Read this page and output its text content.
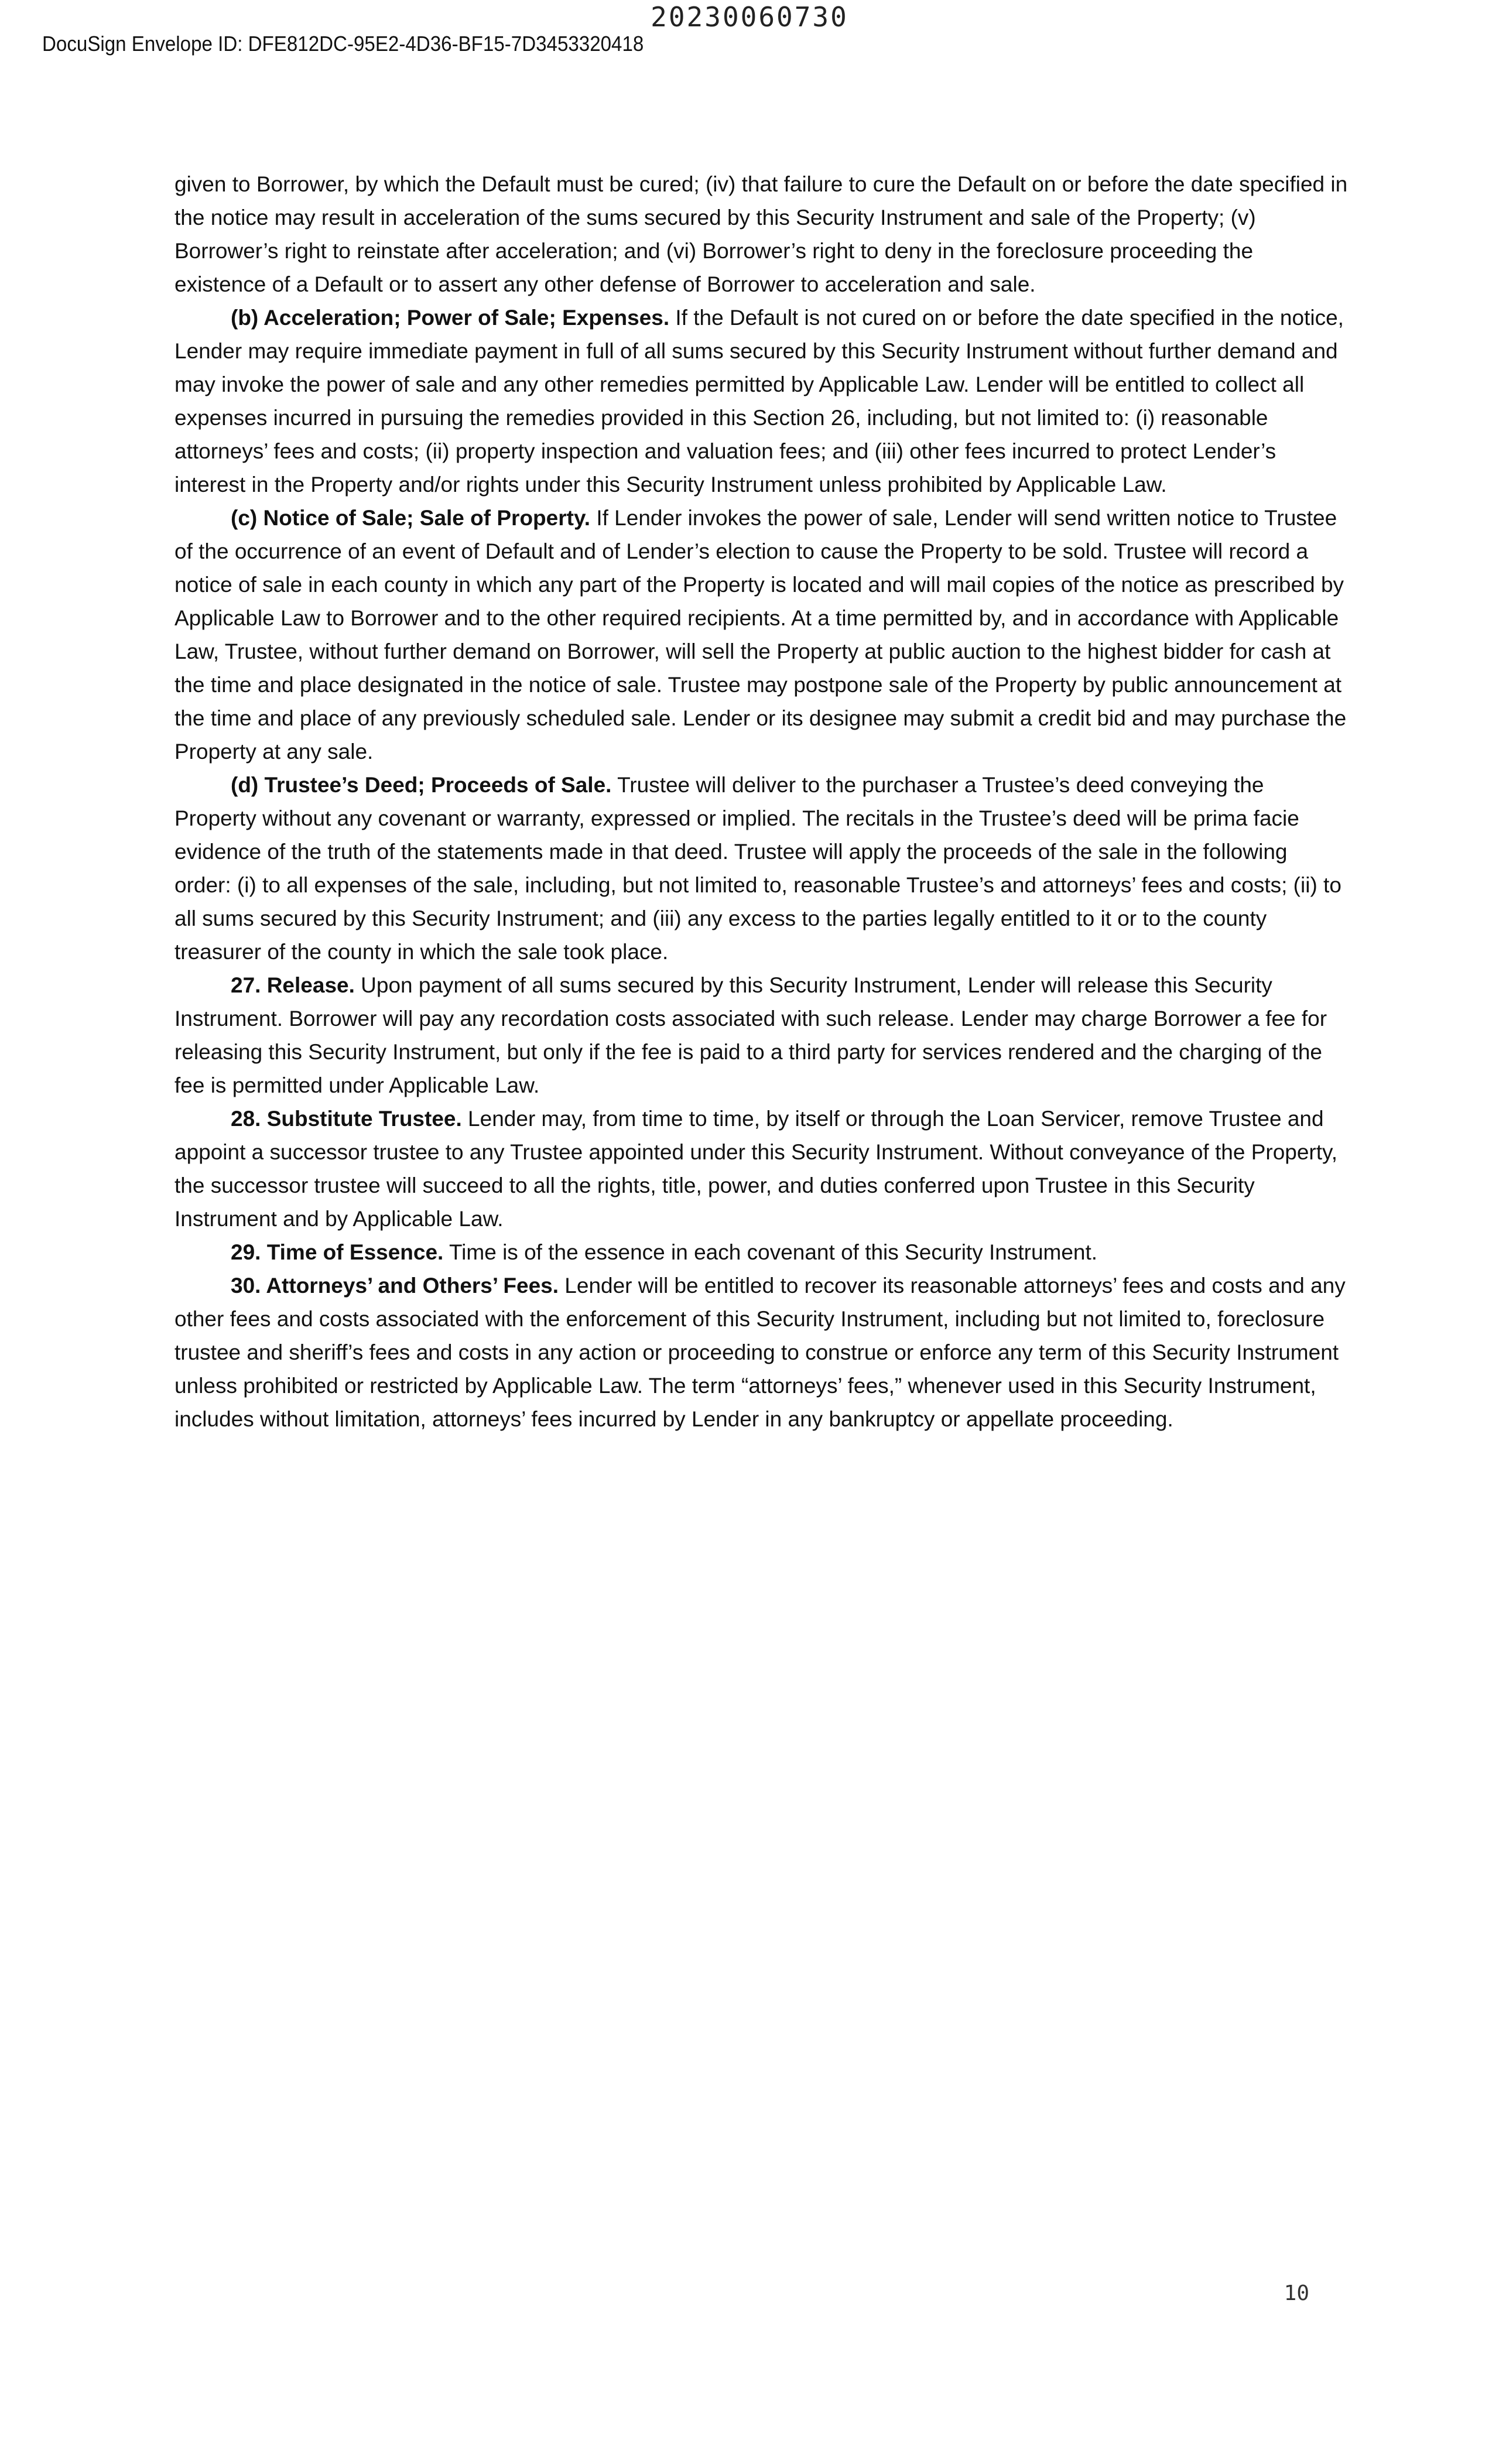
20230060730
DocuSign Envelope ID: DFE812DC-95E2-4D36-BF15-7D3453320418

given to Borrower, by which the Default must be cured; (iv) that failure to cure the Default on or before the date specified in the notice may result in acceleration of the sums secured by this Security Instrument and sale of the Property; (v) Borrower’s right to reinstate after acceleration; and (vi) Borrower’s right to deny in the foreclosure proceeding the existence of a Default or to assert any other defense of Borrower to acceleration and sale.

(b) Acceleration; Power of Sale; Expenses. If the Default is not cured on or before the date specified in the notice, Lender may require immediate payment in full of all sums secured by this Security Instrument without further demand and may invoke the power of sale and any other remedies permitted by Applicable Law. Lender will be entitled to collect all expenses incurred in pursuing the remedies provided in this Section 26, including, but not limited to: (i) reasonable attorneys’ fees and costs; (ii) property inspection and valuation fees; and (iii) other fees incurred to protect Lender’s interest in the Property and/or rights under this Security Instrument unless prohibited by Applicable Law.

(c) Notice of Sale; Sale of Property. If Lender invokes the power of sale, Lender will send written notice to Trustee of the occurrence of an event of Default and of Lender’s election to cause the Property to be sold. Trustee will record a notice of sale in each county in which any part of the Property is located and will mail copies of the notice as prescribed by Applicable Law to Borrower and to the other required recipients. At a time permitted by, and in accordance with Applicable Law, Trustee, without further demand on Borrower, will sell the Property at public auction to the highest bidder for cash at the time and place designated in the notice of sale. Trustee may postpone sale of the Property by public announcement at the time and place of any previously scheduled sale. Lender or its designee may submit a credit bid and may purchase the Property at any sale.

(d) Trustee’s Deed; Proceeds of Sale. Trustee will deliver to the purchaser a Trustee’s deed conveying the Property without any covenant or warranty, expressed or implied. The recitals in the Trustee’s deed will be prima facie evidence of the truth of the statements made in that deed. Trustee will apply the proceeds of the sale in the following order: (i) to all expenses of the sale, including, but not limited to, reasonable Trustee’s and attorneys’ fees and costs; (ii) to all sums secured by this Security Instrument; and (iii) any excess to the parties legally entitled to it or to the county treasurer of the county in which the sale took place.

27. Release. Upon payment of all sums secured by this Security Instrument, Lender will release this Security Instrument. Borrower will pay any recordation costs associated with such release. Lender may charge Borrower a fee for releasing this Security Instrument, but only if the fee is paid to a third party for services rendered and the charging of the fee is permitted under Applicable Law.

28. Substitute Trustee. Lender may, from time to time, by itself or through the Loan Servicer, remove Trustee and appoint a successor trustee to any Trustee appointed under this Security Instrument. Without conveyance of the Property, the successor trustee will succeed to all the rights, title, power, and duties conferred upon Trustee in this Security Instrument and by Applicable Law.

29. Time of Essence. Time is of the essence in each covenant of this Security Instrument.

30. Attorneys’ and Others’ Fees. Lender will be entitled to recover its reasonable attorneys’ fees and costs and any other fees and costs associated with the enforcement of this Security Instrument, including but not limited to, foreclosure trustee and sheriff’s fees and costs in any action or proceeding to construe or enforce any term of this Security Instrument unless prohibited or restricted by Applicable Law. The term “attorneys’ fees,” whenever used in this Security Instrument, includes without limitation, attorneys’ fees incurred by Lender in any bankruptcy or appellate proceeding.

10
